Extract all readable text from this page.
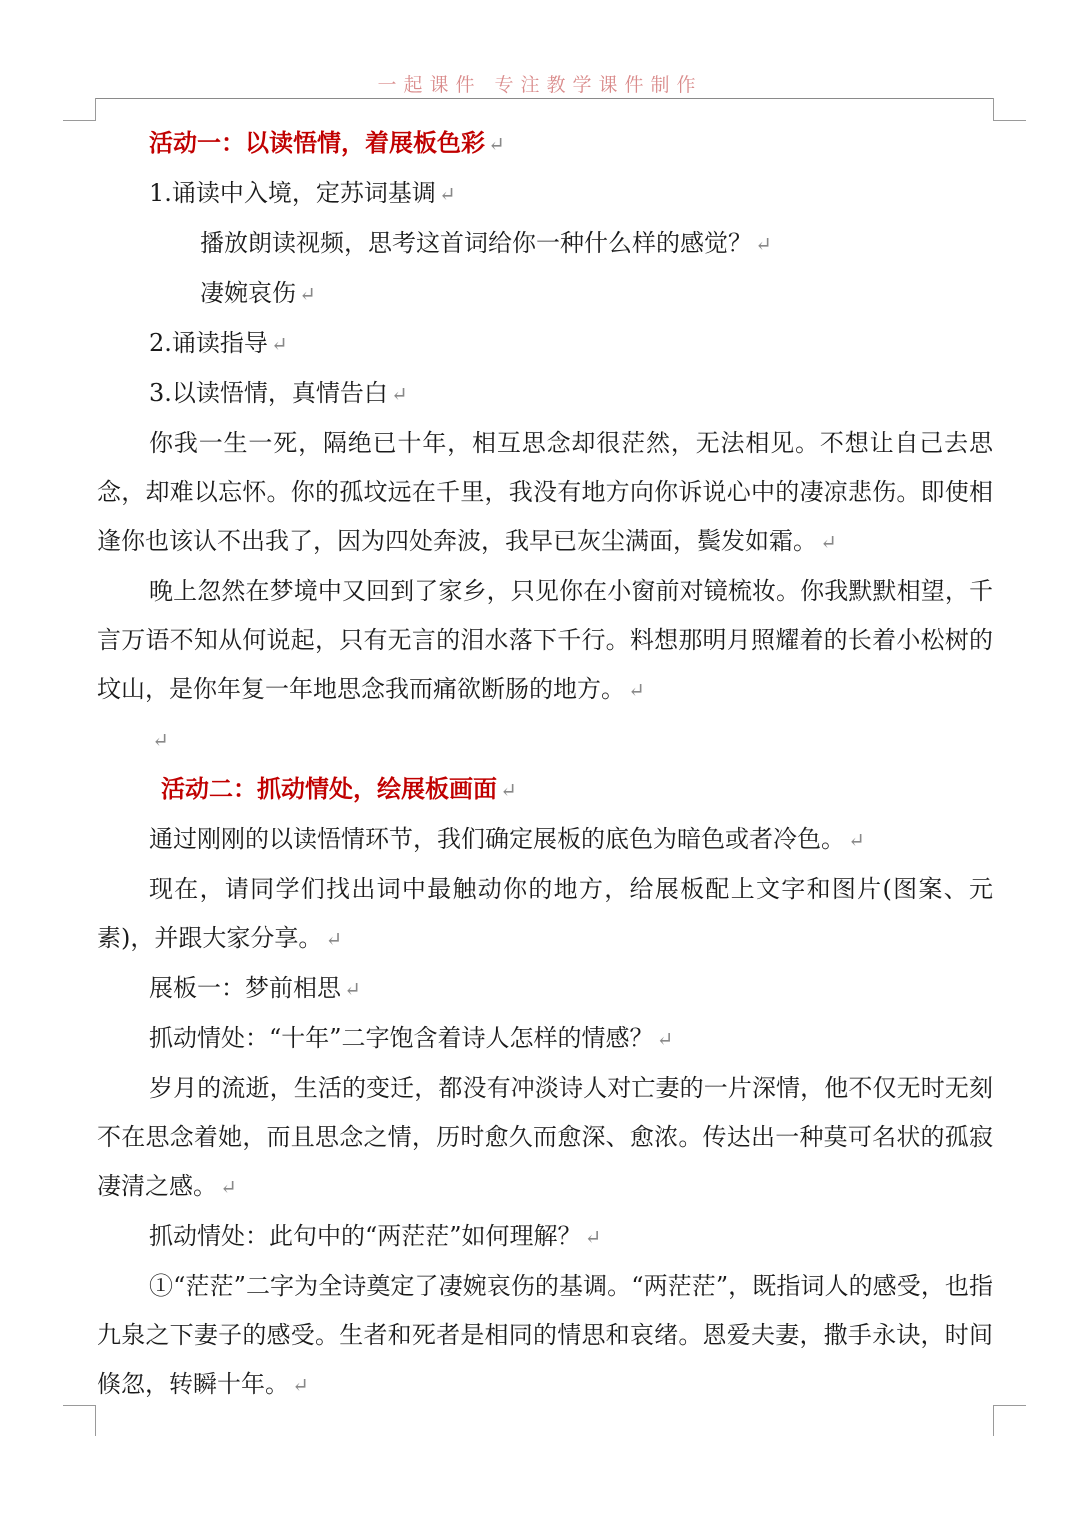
一起课件 专注教学课件制作

活动一：以读悟情，着展板色彩 ↵

1.诵读中入境，定苏词基调 ↵

播放朗读视频，思考这首词给你一种什么样的感觉？ ↵

凄婉哀伤 ↵

2.诵读指导 ↵

3.以读悟情，真情告白 ↵

你我一生一死，隔绝已十年，相互思念却很茫然，无法相见。不想让自己去思念，却难以忘怀。你的孤坟远在千里，我没有地方向你诉说心中的凄凉悲伤。即使相逢你也该认不出我了，因为四处奔波，我早已灰尘满面，鬓发如霜。 ↵

晚上忽然在梦境中又回到了家乡，只见你在小窗前对镜梳妆。你我默默相望，千言万语不知从何说起，只有无言的泪水落下千行。料想那明月照耀着的长着小松树的坟山，是你年复一年地思念我而痛欲断肠的地方。 ↵

↵

活动二：抓动情处，绘展板画面 ↵

通过刚刚的以读悟情环节，我们确定展板的底色为暗色或者冷色。 ↵

现在，请同学们找出词中最触动你的地方，给展板配上文字和图片(图案、元素)，并跟大家分享。 ↵

展板一：梦前相思 ↵

抓动情处：“十年”二字饱含着诗人怎样的情感？ ↵

岁月的流逝，生活的变迁，都没有冲淡诗人对亡妻的一片深情，他不仅无时无刻不在思念着她，而且思念之情，历时愈久而愈深、愈浓。传达出一种莫可名状的孤寂凄清之感。 ↵

抓动情处：此句中的“两茫茫”如何理解？ ↵

①“茫茫”二字为全诗奠定了凄婉哀伤的基调。“两茫茫”，既指词人的感受，也指九泉之下妻子的感受。生者和死者是相同的情思和哀绪。恩爱夫妻，撒手永诀，时间倏忽，转瞬十年。 ↵
